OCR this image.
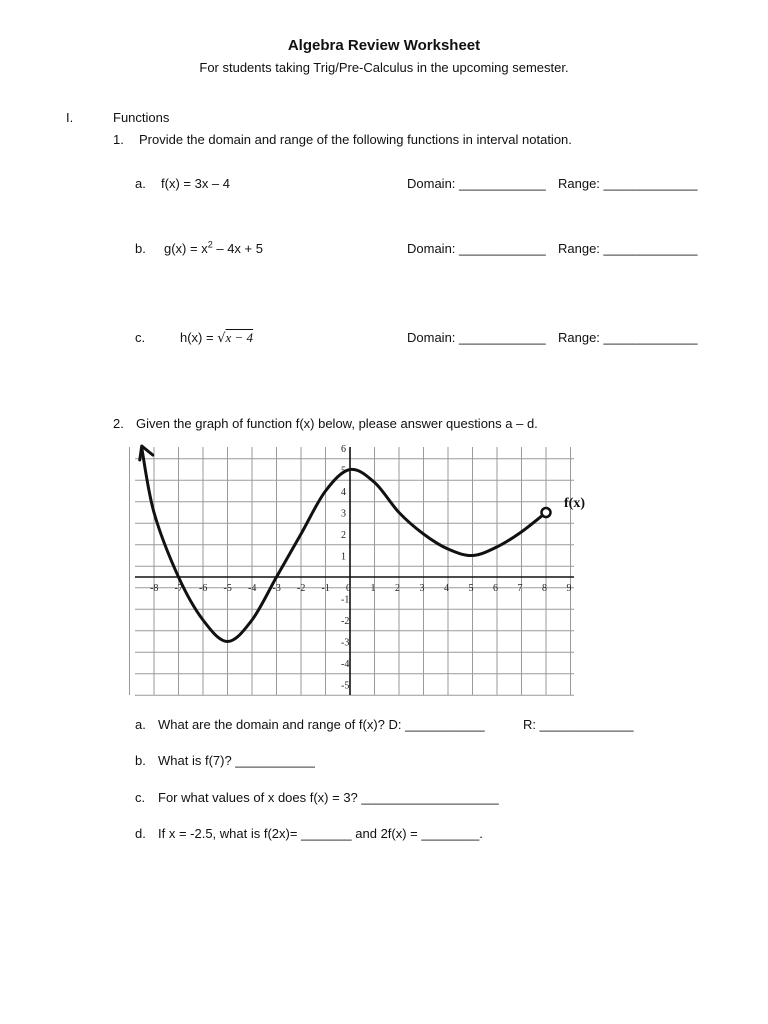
Algebra Review Worksheet
For students taking Trig/Pre-Calculus in the upcoming semester.
I.	Functions
1. Provide the domain and range of the following functions in interval notation.
a. f(x) = 3x – 4	Domain: ____________ Range: _____________
b. $g(x) = x^2 - 4x + 5$	Domain: ____________ Range: _____________
c.	h(x) = √x − 4	Domain: ____________ Range: _____________
2. Given the graph of function f(x) below, please answer questions a – d.
-8 -7 -6 -5 -4 -3 -2 -1 0 1 2 3 4 5 6 7 8 9
6
5
4
3
2
1
-1
-2
-3
-4
-5
f(x)
a. What are the domain and range of f(x)? D: ___________	R: _____________
b. What is f(7)? ___________
c. For what values of x does f(x) = 3? ___________________
d. If x = -2.5, what is f(2x)= _______ and 2f(x) = ________.
